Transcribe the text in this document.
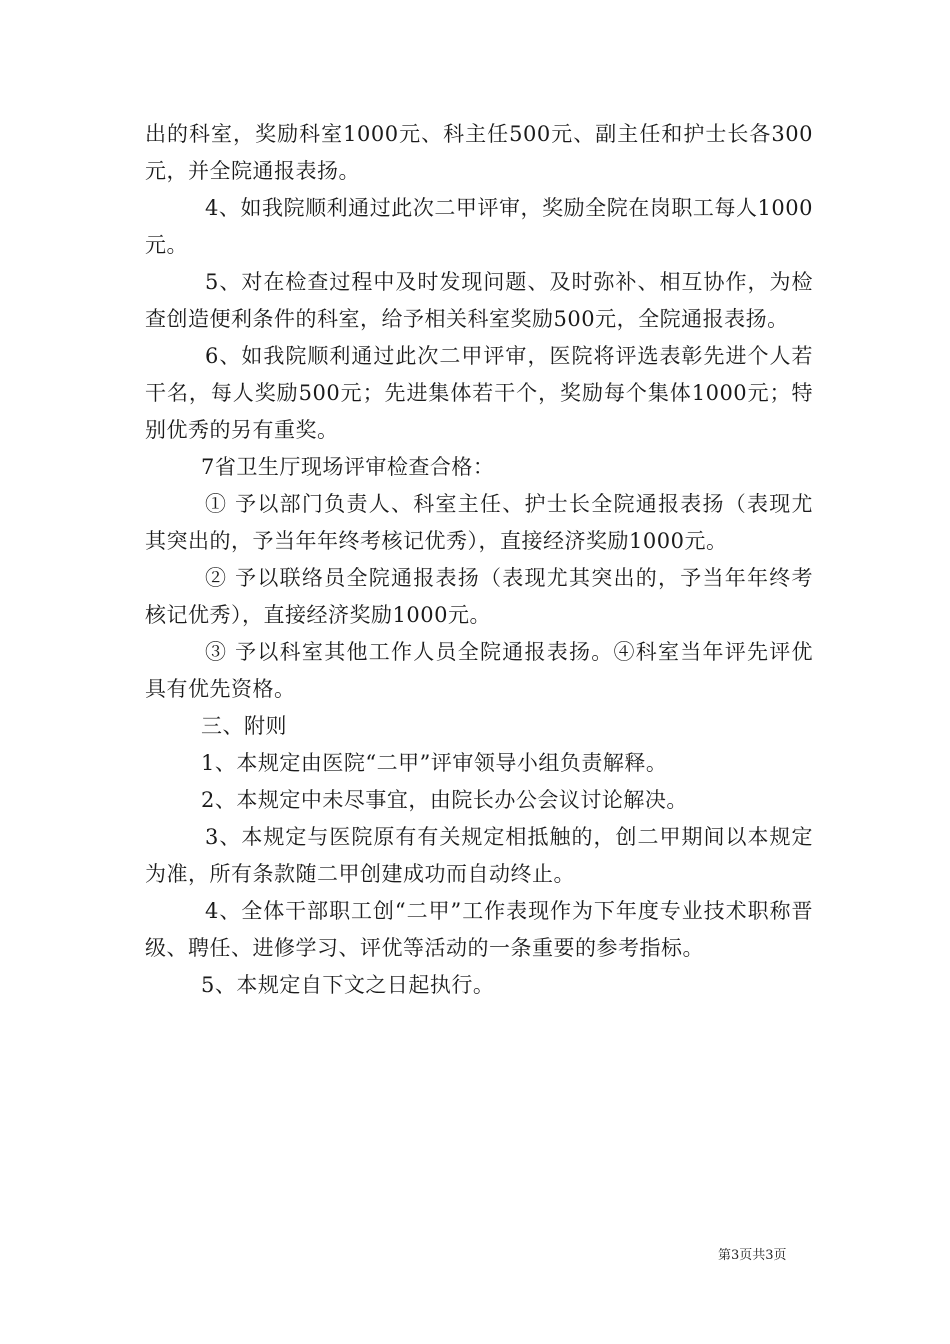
出的科室，奖励科室1000元、科主任500元、副主任和护士长各300元，并全院通报表扬。

4、如我院顺利通过此次二甲评审，奖励全院在岗职工每人1000元。

5、对在检查过程中及时发现问题、及时弥补、相互协作，为检查创造便利条件的科室，给予相关科室奖励500元，全院通报表扬。

6、如我院顺利通过此次二甲评审，医院将评选表彰先进个人若干名，每人奖励500元；先进集体若干个，奖励每个集体1000元；特别优秀的另有重奖。

7省卫生厅现场评审检查合格：

① 予以部门负责人、科室主任、护士长全院通报表扬（表现尤其突出的，予当年年终考核记优秀），直接经济奖励1000元。

② 予以联络员全院通报表扬（表现尤其突出的，予当年年终考核记优秀），直接经济奖励1000元。

③ 予以科室其他工作人员全院通报表扬。④科室当年评先评优具有优先资格。

三、附则

1、本规定由医院“二甲”评审领导小组负责解释。

2、本规定中未尽事宜，由院长办公会议讨论解决。

3、本规定与医院原有有关规定相抵触的，创二甲期间以本规定为准，所有条款随二甲创建成功而自动终止。

4、全体干部职工创“二甲”工作表现作为下年度专业技术职称晋级、聘任、进修学习、评优等活动的一条重要的参考指标。

5、本规定自下文之日起执行。

第3页共3页
